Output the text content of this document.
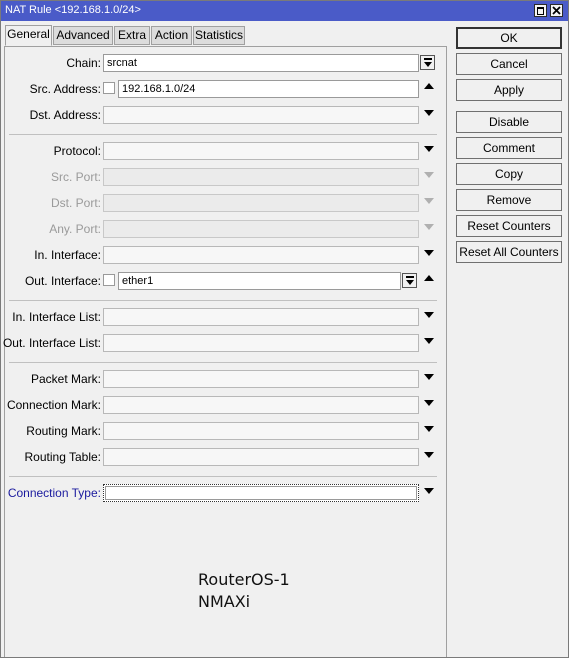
NAT Rule <192.168.1.0/24>
General Advanced Extra Action Statistics
Chain: srcnat
Src. Address: 192.168.1.0/24
Dst. Address:
Protocol:
Src. Port:
Dst. Port:
Any. Port:
In. Interface:
Out. Interface: ether1
In. Interface List:
Out. Interface List:
Packet Mark:
Connection Mark:
Routing Mark:
Routing Table:
Connection Type:
OK
Cancel
Apply
Disable
Comment
Copy
Remove
Reset Counters
Reset All Counters
RouterOS-1
NMAXi
